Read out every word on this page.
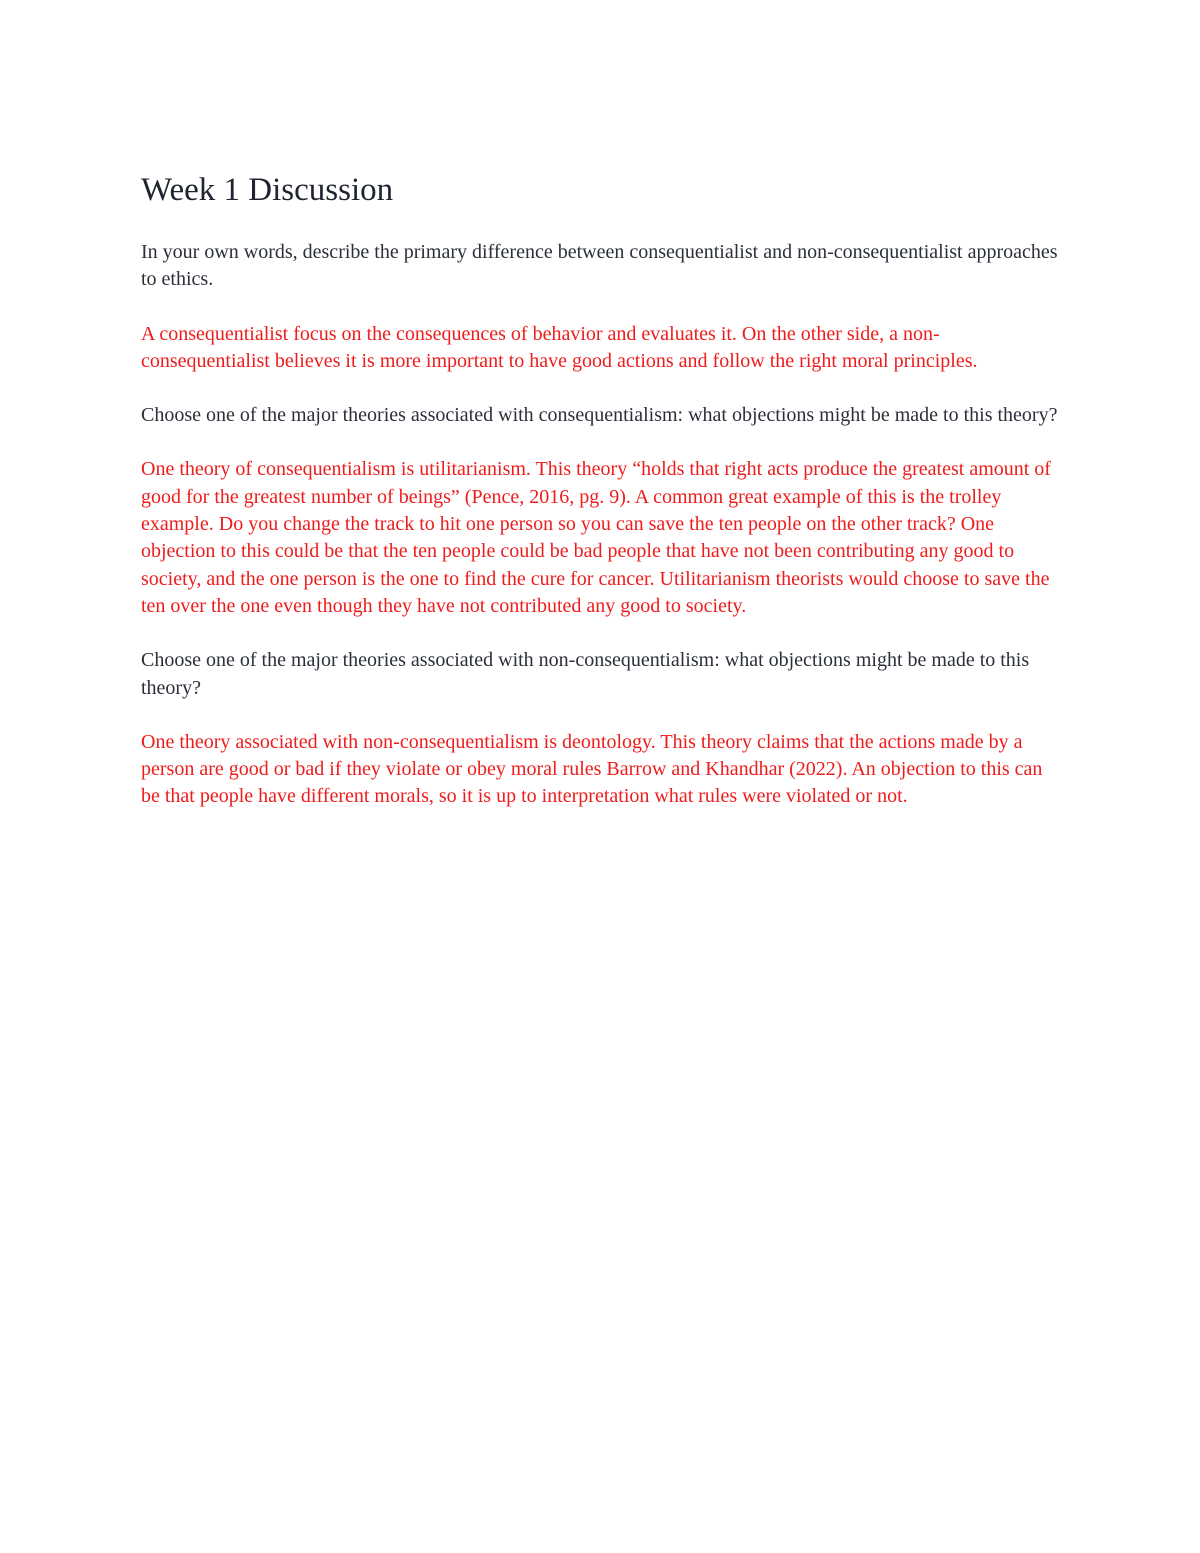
Week 1 Discussion

In your own words, describe the primary difference between consequentialist and non-consequentialist approaches to ethics.

A consequentialist focus on the consequences of behavior and evaluates it. On the other side, a non-consequentialist believes it is more important to have good actions and follow the right moral principles.

Choose one of the major theories associated with consequentialism: what objections might be made to this theory?

One theory of consequentialism is utilitarianism. This theory “holds that right acts produce the greatest amount of good for the greatest number of beings” (Pence, 2016, pg. 9). A common great example of this is the trolley example. Do you change the track to hit one person so you can save the ten people on the other track? One objection to this could be that the ten people could be bad people that have not been contributing any good to society, and the one person is the one to find the cure for cancer. Utilitarianism theorists would choose to save the ten over the one even though they have not contributed any good to society.

Choose one of the major theories associated with non-consequentialism: what objections might be made to this theory?

One theory associated with non-consequentialism is deontology. This theory claims that the actions made by a person are good or bad if they violate or obey moral rules Barrow and Khandhar (2022). An objection to this can be that people have different morals, so it is up to interpretation what rules were violated or not.
